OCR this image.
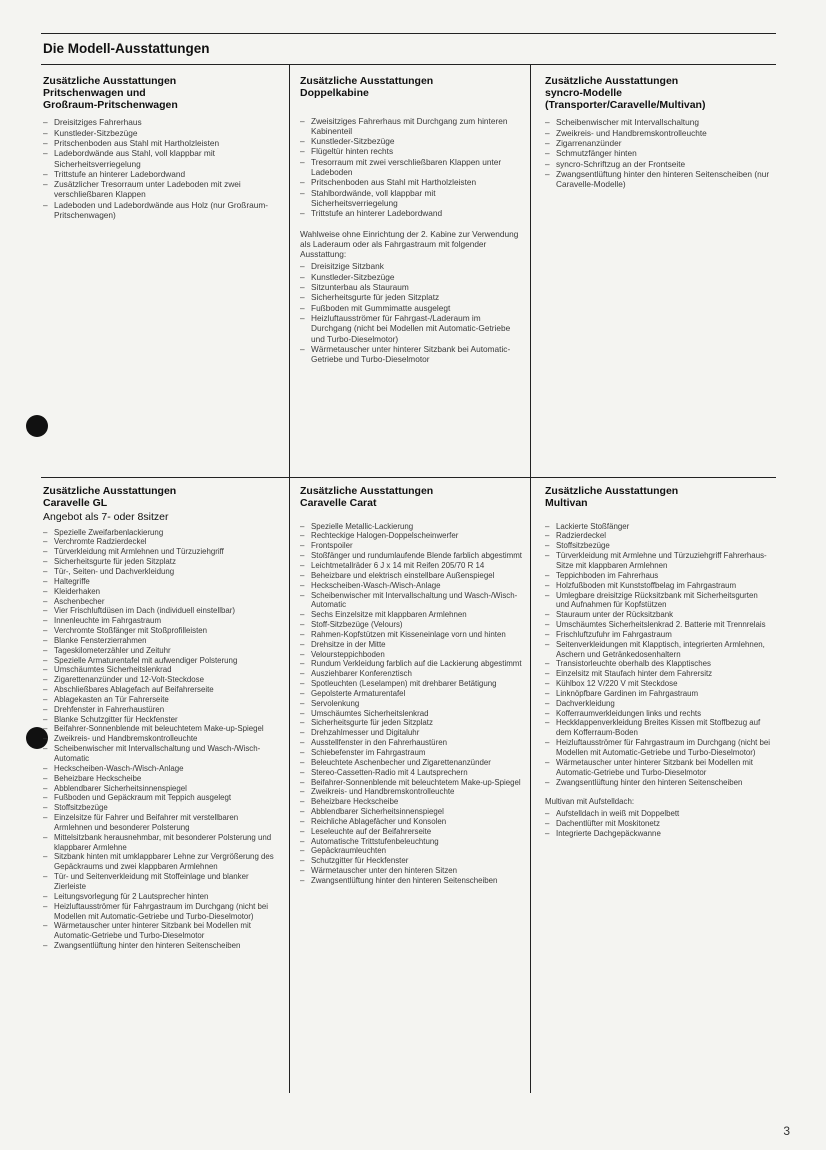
Die Modell-Ausstattungen
Zusätzliche Ausstattungen
Pritschenwagen und
Großraum-Pritschenwagen
– Dreisitziges Fahrerhaus
– Kunstleder-Sitzbezüge
– Pritschenboden aus Stahl mit Hartholzleisten
– Ladebordwände aus Stahl, voll klappbar mit Sicherheitsverriegelung
– Trittstufe an hinterer Ladebordwand
– Zusätzlicher Tresorraum unter Ladeboden mit zwei verschließbaren Klappen
– Ladeboden und Ladebordwände aus Holz (nur Großraum-Pritschenwagen)
Zusätzliche Ausstattungen
Doppelkabine
– Zweisitziges Fahrerhaus mit Durchgang zum hinteren Kabinenteil
– Kunstleder-Sitzbezüge
– Flügeltür hinten rechts
– Tresorraum mit zwei verschließbaren Klappen unter Ladeboden
– Pritschenboden aus Stahl mit Hartholzleisten
– Stahlbordwände, voll klappbar mit Sicherheitsverriegelung
– Trittstufe an hinterer Ladebordwand

Wahlweise ohne Einrichtung der 2. Kabine zur Verwendung als Laderaum oder als Fahrgastraum mit folgender Ausstattung:

– Dreisitzige Sitzbank
– Kunstleder-Sitzbezüge
– Sitzunterbau als Stauraum
– Sicherheitsgurte für jeden Sitzplatz
– Fußboden mit Gummimatte ausgelegt
– Heizluftausströmer für Fahrgast-/Laderaum im Durchgang (nicht bei Modellen mit Automatic-Getriebe und Turbo-Dieselmotor)
– Wärmetauscher unter hinterer Sitzbank bei Automatic-Getriebe und Turbo-Dieselmotor
Zusätzliche Ausstattungen
syncro-Modelle
(Transporter/Caravelle/Multivan)
– Scheibenwischer mit Intervallschaltung
– Zweikreis- und Handbremskontrolleuchte
– Zigarrenanzünder
– Schmutzfänger hinten
– syncro-Schriftzug an der Frontseite
– Zwangsentlüftung hinter den hinteren Seitenscheiben (nur Caravelle-Modelle)
Zusätzliche Ausstattungen
Caravelle GL
Angebot als 7- oder 8sitzer
– Spezielle Zweifarbenlackierung
– Verchromte Radzierdeckel
– Türverkleidung mit Armlehnen und Türzuziehgriff
– Sicherheitsgurte für jeden Sitzplatz
– Tür-, Seiten- und Dachverkleidung
– Haltegriffe
– Kleiderhaken
– Aschenbecher
– Vier Frischluftdüsen im Dach (individuell einstellbar)
– Innenleuchte im Fahrgastraum
– Verchromte Stoßfänger mit Stoßprofilleisten
– Blanke Fensterzierrahmen
– Tageskilometerzähler und Zeituhr
– Spezielle Armaturentafel mit aufwendiger Polsterung
– Umschäumtes Sicherheitslenkrad
– Zigarettenanzünder und 12-Volt-Steckdose
– Abschließbares Ablagefach auf Beifahrerseite
– Ablagekasten an Tür Fahrerseite
– Drehfenster in Fahrerhaustüren
– Blanke Schutzgitter für Heckfenster
– Beifahrer-Sonnenblende mit beleuchtetem Make-up-Spiegel
– Zweikreis- und Handbremskontrolleuchte
– Scheibenwischer mit Intervallschaltung und Wasch-/Wisch-Automatic
– Heckscheiben-Wasch-/Wisch-Anlage
– Beheizbare Heckscheibe
– Abblendbarer Sicherheitsinnenspiegel
– Fußboden und Gepäckraum mit Teppich ausgelegt
– Stoffsitzbezüge
– Einzelsitze für Fahrer und Beifahrer mit verstellbaren Armlehnen und besonderer Polsterung
– Mittelsitzbank herausnehmbar, mit besonderer Polsterung und klappbarer Armlehne
– Sitzbank hinten mit umklappbarer Lehne zur Vergrößerung des Gepäckraums und zwei klappbaren Armlehnen
– Tür- und Seitenverkleidung mit Stoffeinlage und blanker Zierleiste
– Leitungsvorlegung für 2 Lautsprecher hinten
– Heizluftausströmer für Fahrgastraum im Durchgang (nicht bei Modellen mit Automatic-Getriebe und Turbo-Dieselmotor)
– Wärmetauscher unter hinterer Sitzbank bei Modellen mit Automatic-Getriebe und Turbo-Dieselmotor
– Zwangsentlüftung hinter den hinteren Seitenscheiben
Zusätzliche Ausstattungen
Caravelle Carat
– Spezielle Metallic-Lackierung
– Rechteckige Halogen-Doppelscheinwerfer
– Frontspoiler
– Stoßfänger und rundumlaufende Blende farblich abgestimmt
– Leichtmetallräder 6 J x 14 mit Reifen 205/70 R 14
– Beheizbare und elektrisch einstellbare Außenspiegel
– Heckscheiben-Wasch-/Wisch-Anlage
– Scheibenwischer mit Intervallschaltung und Wasch-/Wisch-Automatic
– Sechs Einzelsitze mit klappbaren Armlehnen
– Stoff-Sitzbezüge (Velours)
– Rahmen-Kopfstützen mit Kisseneinlage vorn und hinten
– Drehsitze in der Mitte
– Veloursteppichboden
– Rundum Verkleidung farblich auf die Lackierung abgestimmt
– Ausziehbarer Konferenztisch
– Spotleuchten (Leselampen) mit drehbarer Betätigung
– Gepolsterte Armaturentafel
– Servolenkung
– Umschäumtes Sicherheitslenkrad
– Sicherheitsgurte für jeden Sitzplatz
– Drehzahlmesser und Digitaluhr
– Ausstellfenster in den Fahrerhaustüren
– Schiebefenster im Fahrgastraum
– Beleuchtete Aschenbecher und Zigarettenanzünder
– Stereo-Cassetten-Radio mit 4 Lautsprechern
– Beifahrer-Sonnenblende mit beleuchtetem Make-up-Spiegel
– Zweikreis- und Handbremskontrolleuchte
– Beheizbare Heckscheibe
– Abblendbarer Sicherheitsinnenspiegel
– Reichliche Ablagefächer und Konsolen
– Leseleuchte auf der Beifahrerseite
– Automatische Trittstufenbeleuchtung
– Gepäckraumleuchten
– Schutzgitter für Heckfenster
– Wärmetauscher unter den hinteren Sitzen
– Zwangsentlüftung hinter den hinteren Seitenscheiben
Zusätzliche Ausstattungen
Multivan
– Lackierte Stoßfänger
– Radzierdeckel
– Stoffsitzbezüge
– Türverkleidung mit Armlehne und Türzuziehgriff Fahrerhaus-Sitze mit klappbaren Armlehnen
– Teppichboden im Fahrerhaus
– Holzfußboden mit Kunststoffbelag im Fahrgastraum
– Umlegbare dreisitzige Rücksitzbank mit Sicherheitsgurten und Aufnahmen für Kopfstützen
– Stauraum unter der Rücksitzbank
– Umschäumtes Sicherheitslenkrad 2. Batterie mit Trennrelais
– Frischluftzufuhr im Fahrgastraum
– Seitenverkleidungen mit Klapptisch, integrierten Armlehnen, Aschern und Getränkedosenhaltern
– Transistorleuchte oberhalb des Klapptisches
– Einzelsitz mit Staufach hinter dem Fahrersitz
– Kühlbox 12 V/220 V mit Steckdose
– Linknöpfbare Gardinen im Fahrgastraum
– Dachverkleidung
– Kofferraumverkleidungen links und rechts
– Heckklappenverkleidung Breites Kissen mit Stoffbezug auf dem Kofferraum-Boden
– Heizluftausströmer für Fahrgastraum im Durchgang (nicht bei Modellen mit Automatic-Getriebe und Turbo-Dieselmotor)
– Wärmetauscher unter hinterer Sitzbank bei Modellen mit Automatic-Getriebe und Turbo-Dieselmotor
– Zwangsentlüftung hinter den hinteren Seitenscheiben

Multivan mit Aufstelldach:

– Aufstelldach in weiß mit Doppelbett
– Dachentlüfter mit Moskitonetz
– Integrierte Dachgepäckwanne
3
